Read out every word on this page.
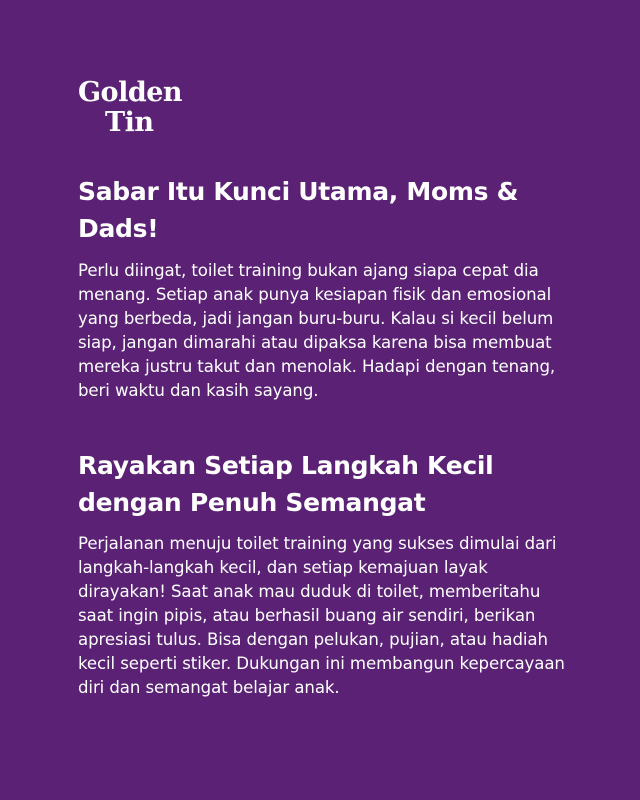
Golden
Tin
Sabar Itu Kunci Utama, Moms & Dads!

Perlu diingat, toilet training bukan ajang siapa cepat dia menang. Setiap anak punya kesiapan fisik dan emosional yang berbeda, jadi jangan buru-buru. Kalau si kecil belum siap, jangan dimarahi atau dipaksa karena bisa membuat mereka justru takut dan menolak. Hadapi dengan tenang, beri waktu dan kasih sayang.

Rayakan Setiap Langkah Kecil dengan Penuh Semangat

Perjalanan menuju toilet training yang sukses dimulai dari langkah-langkah kecil, dan setiap kemajuan layak dirayakan! Saat anak mau duduk di toilet, memberitahu saat ingin pipis, atau berhasil buang air sendiri, berikan apresiasi tulus. Bisa dengan pelukan, pujian, atau hadiah kecil seperti stiker. Dukungan ini membangun kepercayaan diri dan semangat belajar anak.
